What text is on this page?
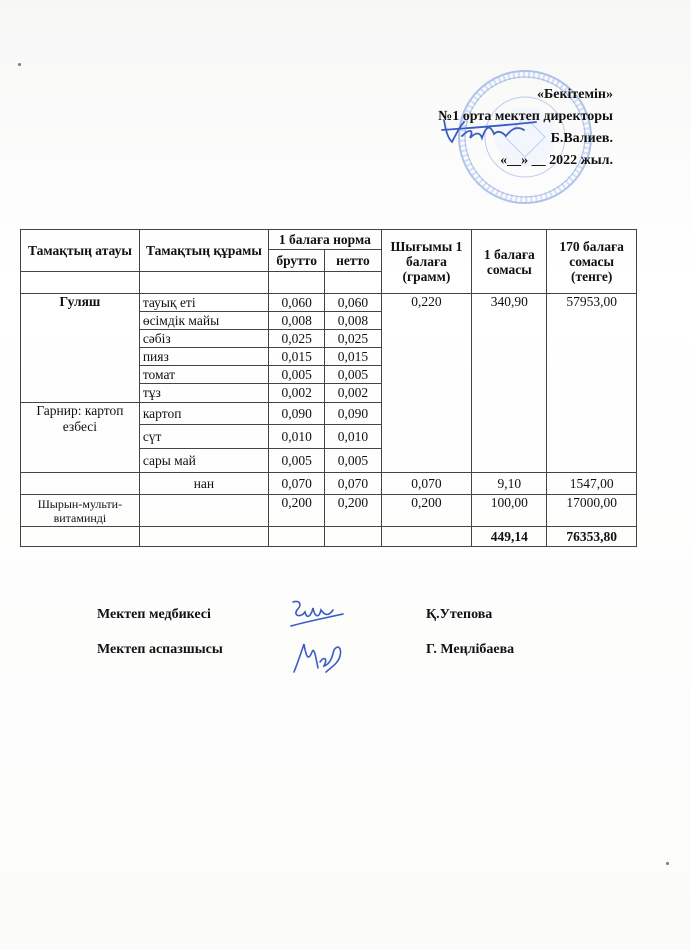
«Бекітемін»
№1 орта мектеп директоры
Б.Валиев.
«__» __ 2022 жыл.
Тамақтың атауы	Тамақтың құрамы	1 балаға норма		Шығымы 1 балаға (грамм)	1 балаға сомасы	170 балаға сомасы (тенге)
		брутто	нетто			

Гуляш	тауық еті	0,060	0,060	0,220	340,90	57953,00
	өсімдік майы	0,008	0,008			
	сәбіз	0,025	0,025			
	пияз	0,015	0,015			
	томат	0,005	0,005			
	тұз	0,002	0,002			
Гарнир: картоп езбесі	картоп	0,090	0,090			
	сүт	0,010	0,010			
	сары май	0,005	0,005			
	нан	0,070	0,070	0,070	9,10	1547,00
Шырын-мульти-витаминді		0,200	0,200	0,200	100,00	17000,00
					449,14	76353,80
Мектеп медбикесі	Қ.Утепова
Мектеп аспазшысы	Г. Меңлібаева
